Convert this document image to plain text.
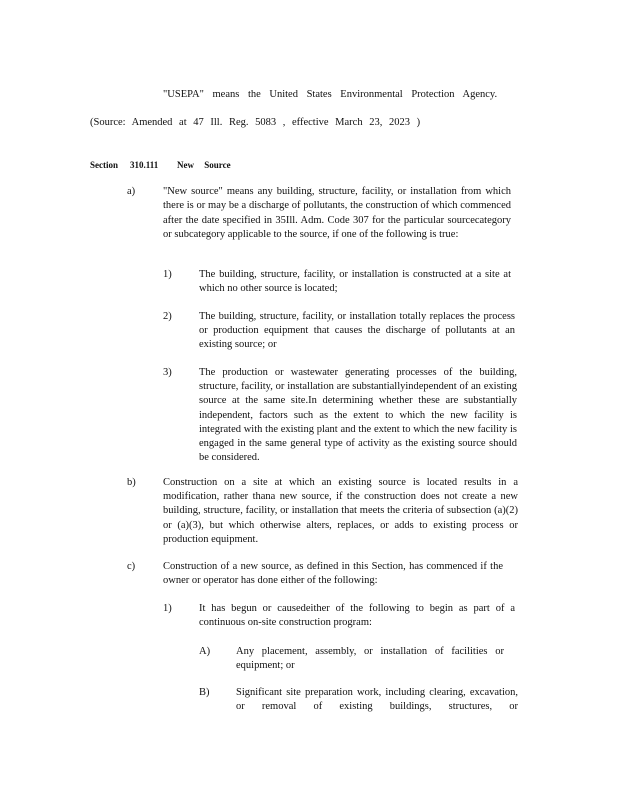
"USEPA" means the United States Environmental Protection Agency.
(Source: Amended at 47 Ill. Reg. 5083 , effective March 23, 2023 )
Section 310.111 New Source
a)	"New source" means any building, structure, facility, or installation from which there is or may be a discharge of pollutants, the construction of which commenced after the date specified in 35Ill. Adm. Code 307 for the particular sourcecategory or subcategory applicable to the source, if one of the following is true:
1)	The building, structure, facility, or installation is constructed at a site at which no other source is located;
2)	The building, structure, facility, or installation totally replaces the process or production equipment that causes the discharge of pollutants at an existing source; or
3)	The production or wastewater generating processes of the building, structure, facility, or installation are substantiallyindependent of an existing source at the same site.In determining whether these are substantially independent, factors such as the extent to which the new facility is integrated with the existing plant and the extent to which the new facility is engaged in the same general type of activity as the existing source should be considered.
b)	Construction on a site at which an existing source is located results in a modification, rather thana new source, if the construction does not create a new building, structure, facility, or installation that meets the criteria of subsection (a)(2) or (a)(3), but which otherwise alters, replaces, or adds to existing process or production equipment.
c)	Construction of a new source, as defined in this Section, has commenced if the owner or operator has done either of the following:
1)	It has begun or causedeither of the following to begin as part of a continuous on-site construction program:
A) Any placement, assembly, or installation of facilities or equipment; or
B)	Significant site preparation work, including clearing, excavation, or removal of existing buildings, structures, or
